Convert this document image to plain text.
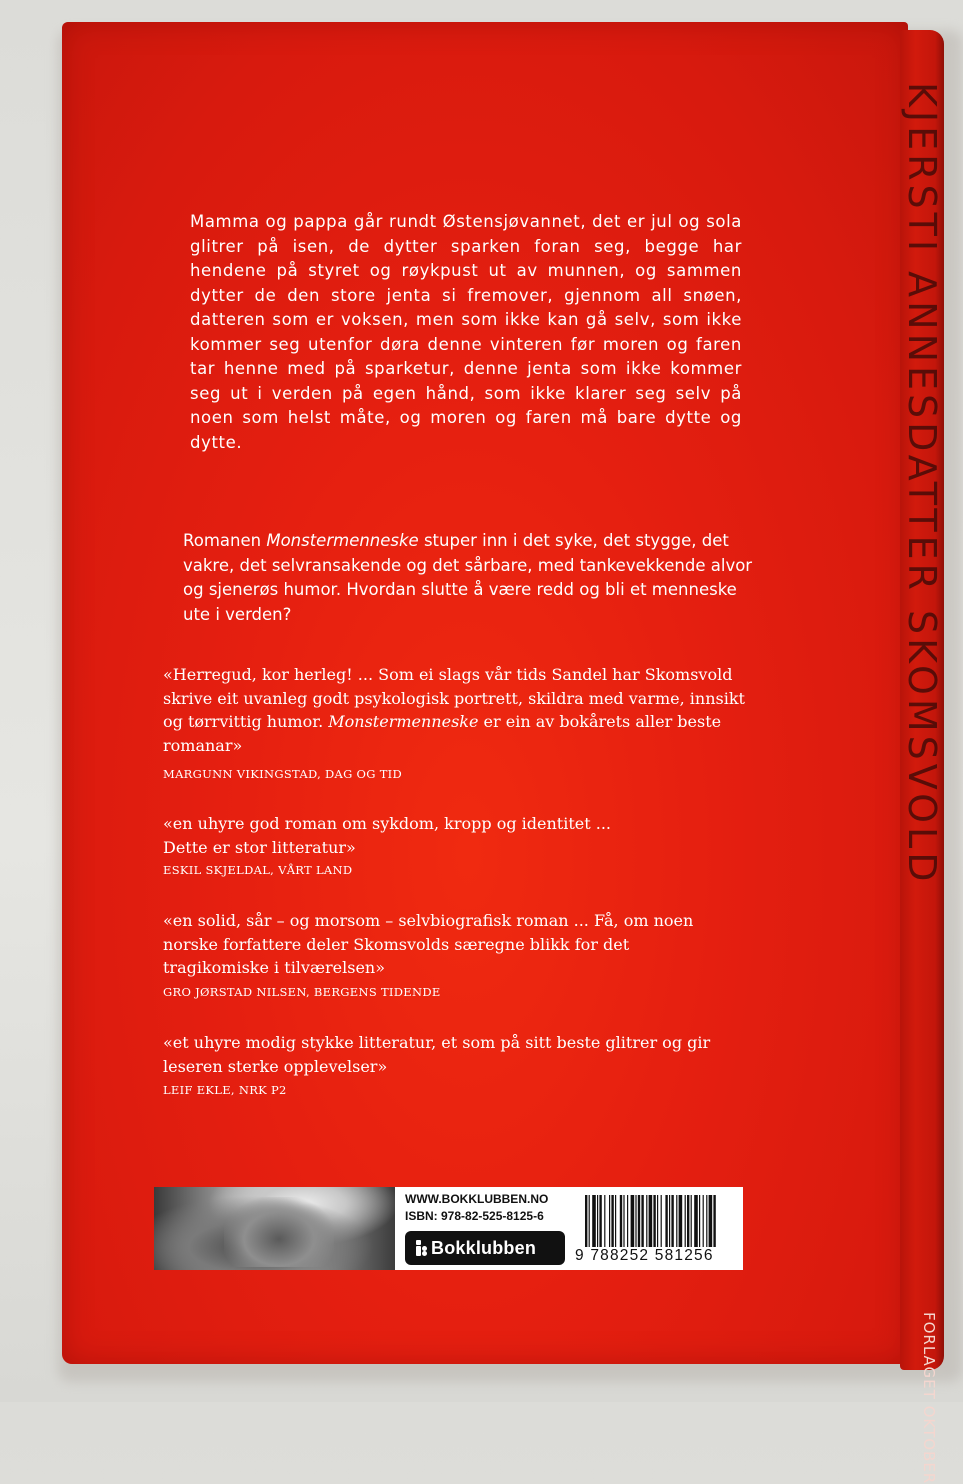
KJERSTI ANNESDATTER SKOMSVOLD
FORLAGET OKTOBER

Mamma og pappa går rundt Østensjøvannet, det er jul og sola glitrer på isen, de dytter sparken foran seg, begge har hendene på styret og røykpust ut av munnen, og sammen dytter de den store jenta si fremover, gjennom all snøen, datteren som er voksen, men som ikke kan gå selv, som ikke kommer seg utenfor døra denne vinteren før moren og faren tar henne med på sparketur, denne jenta som ikke kommer seg ut i verden på egen hånd, som ikke klarer seg selv på noen som helst måte, og moren og faren må bare dytte og dytte.

Romanen Monstermenneske stuper inn i det syke, det stygge, det vakre, det selvransakende og det sårbare, med tankevekkende alvor og sjenerøs humor. Hvordan slutte å være redd og bli et menneske ute i verden?

«Herregud, kor herleg! ... Som ei slags vår tids Sandel har Skomsvold skrive eit uvanleg godt psykologisk portrett, skildra med varme, innsikt og tørrvittig humor. Monstermenneske er ein av bokårets aller beste romanar»

MARGUNN VIKINGSTAD, DAG OG TID

«en uhyre god roman om sykdom, kropp og identitet ... Dette er stor litteratur»

ESKIL SKJELDAL, VÅRT LAND

«en solid, sår – og morsom – selvbiografisk roman ... Få, om noen norske forfattere deler Skomsvolds særegne blikk for det tragikomiske i tilværelsen»

GRO JØRSTAD NILSEN, BERGENS TIDENDE

«et uhyre modig stykke litteratur, et som på sitt beste glitrer og gir leseren sterke opplevelser»

LEIF EKLE, NRK P2

WWW.BOKKLUBBEN.NO
ISBN: 978-82-525-8125-6
Bokklubben	9 788252 581256
